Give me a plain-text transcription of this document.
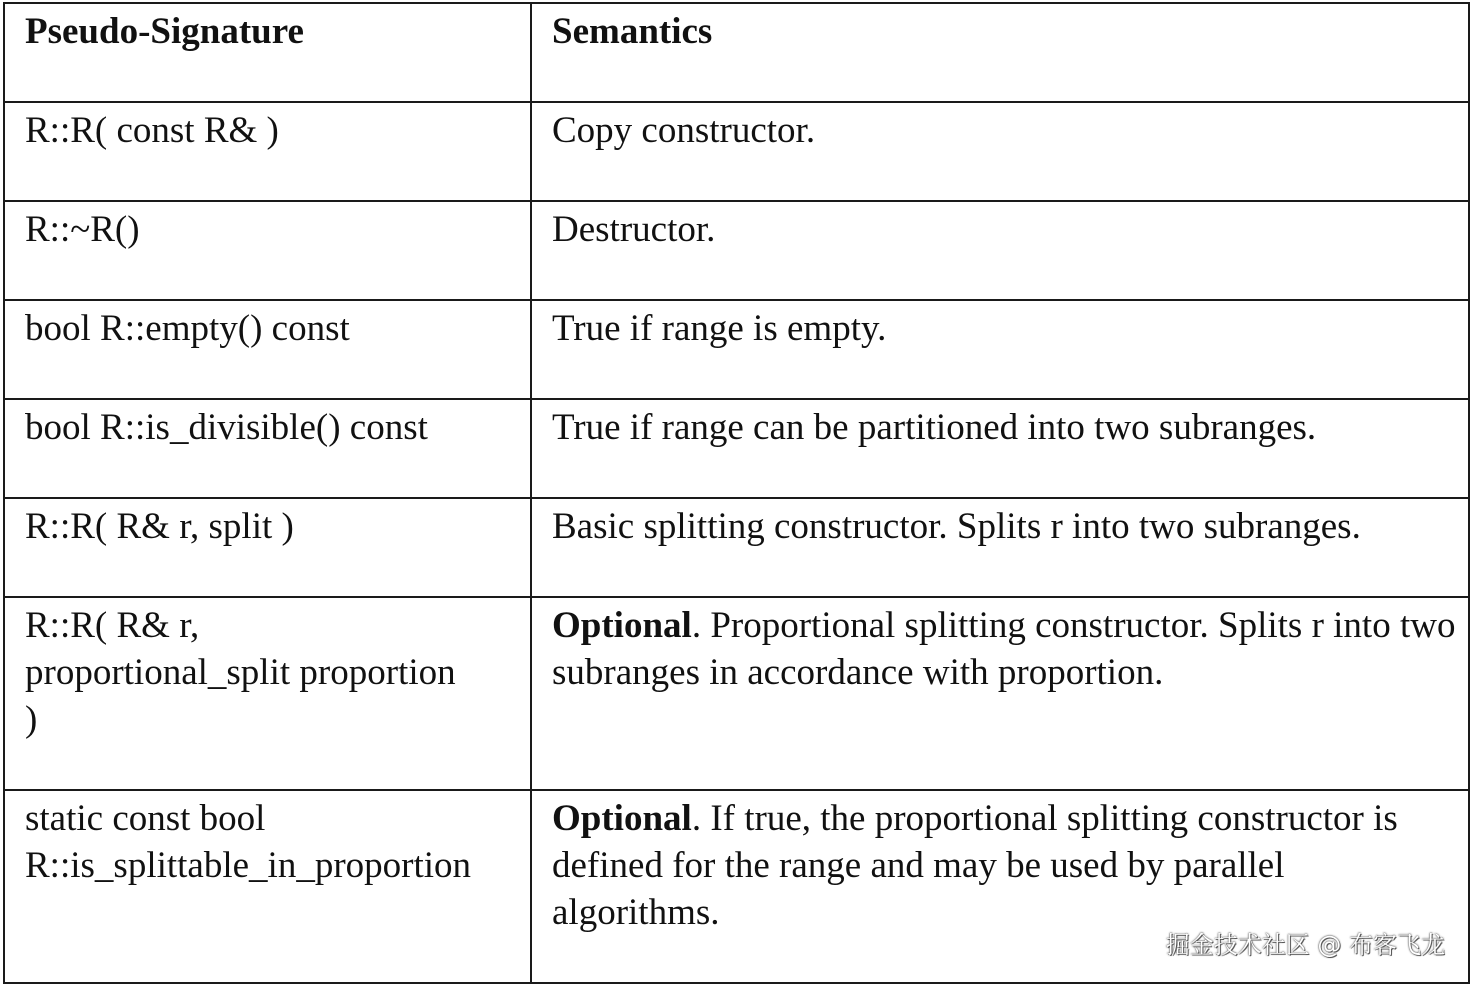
Pseudo-Signature	Semantics
R::R( const R& )	Copy constructor.
R::~R()	Destructor.
bool R::empty() const	True if range is empty.
bool R::is_divisible() const	True if range can be partitioned into two subranges.
R::R( R& r, split )	Basic splitting constructor. Splits r into two subranges.

R::R( R& r,
proportional_split proportion
)	Optional. Proportional splitting constructor. Splits r into two subranges in accordance with proportion.

static const bool
R::is_splittable_in_proportion	Optional. If true, the proportional splitting constructor is defined for the range and may be used by parallel algorithms.
掘金技术社区 @ 布客飞龙
